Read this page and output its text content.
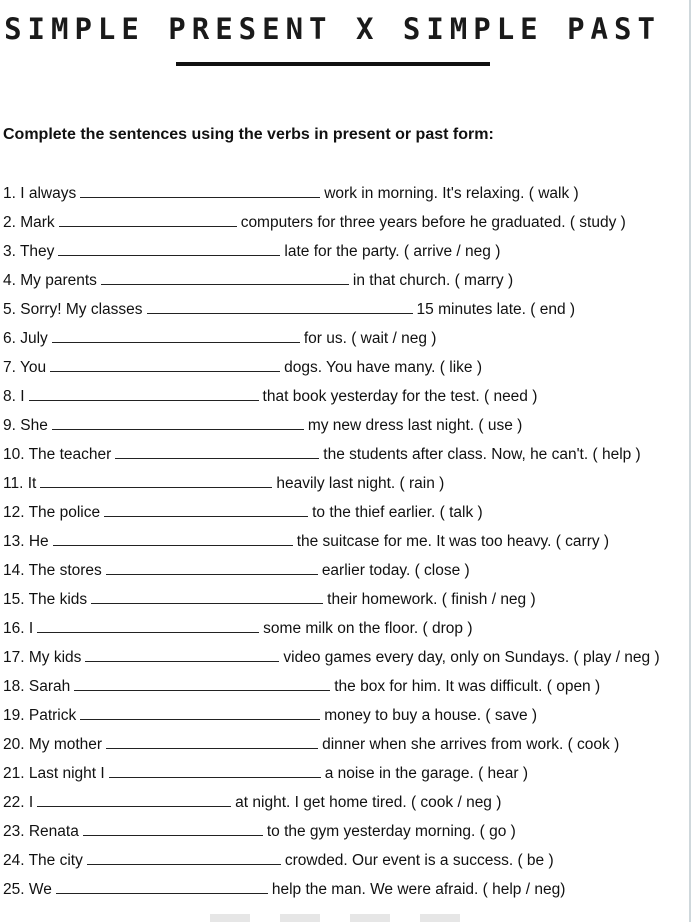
SIMPLE PRESENT X SIMPLE PAST
Complete the sentences using the verbs in present or past form:
1. I always	work in morning. It's relaxing. ( walk )
2. Mark	computers for three years before he graduated. ( study )
3. They	late for the party. ( arrive / neg )
4. My parents	in that church. ( marry )
5. Sorry! My classes	15 minutes late. ( end )
6. July	for us. ( wait / neg )
7. You	dogs. You have many. ( like )
8. I	that book yesterday for the test. ( need )
9. She	my new dress last night. ( use )
10. The teacher	the students after class. Now, he can't. ( help )
11. It	heavily last night. ( rain )
12. The police	to the thief earlier. ( talk )
13. He	the suitcase for me. It was too heavy. ( carry )
14. The stores	earlier today. ( close )
15. The kids	their homework. ( finish / neg )
16. I	some milk on the floor. ( drop )
17. My kids	video games every day, only on Sundays. ( play / neg )
18. Sarah	the box for him. It was difficult. ( open )
19. Patrick	money to buy a house. ( save )
20. My mother	dinner when she arrives from work. ( cook )
21. Last night I	a noise in the garage. ( hear )
22. I	at night. I get home tired. ( cook / neg )
23. Renata	to the gym yesterday morning. ( go )
24. The city	crowded. Our event is a success. ( be )
25. We	help the man. We were afraid. ( help / neg)
